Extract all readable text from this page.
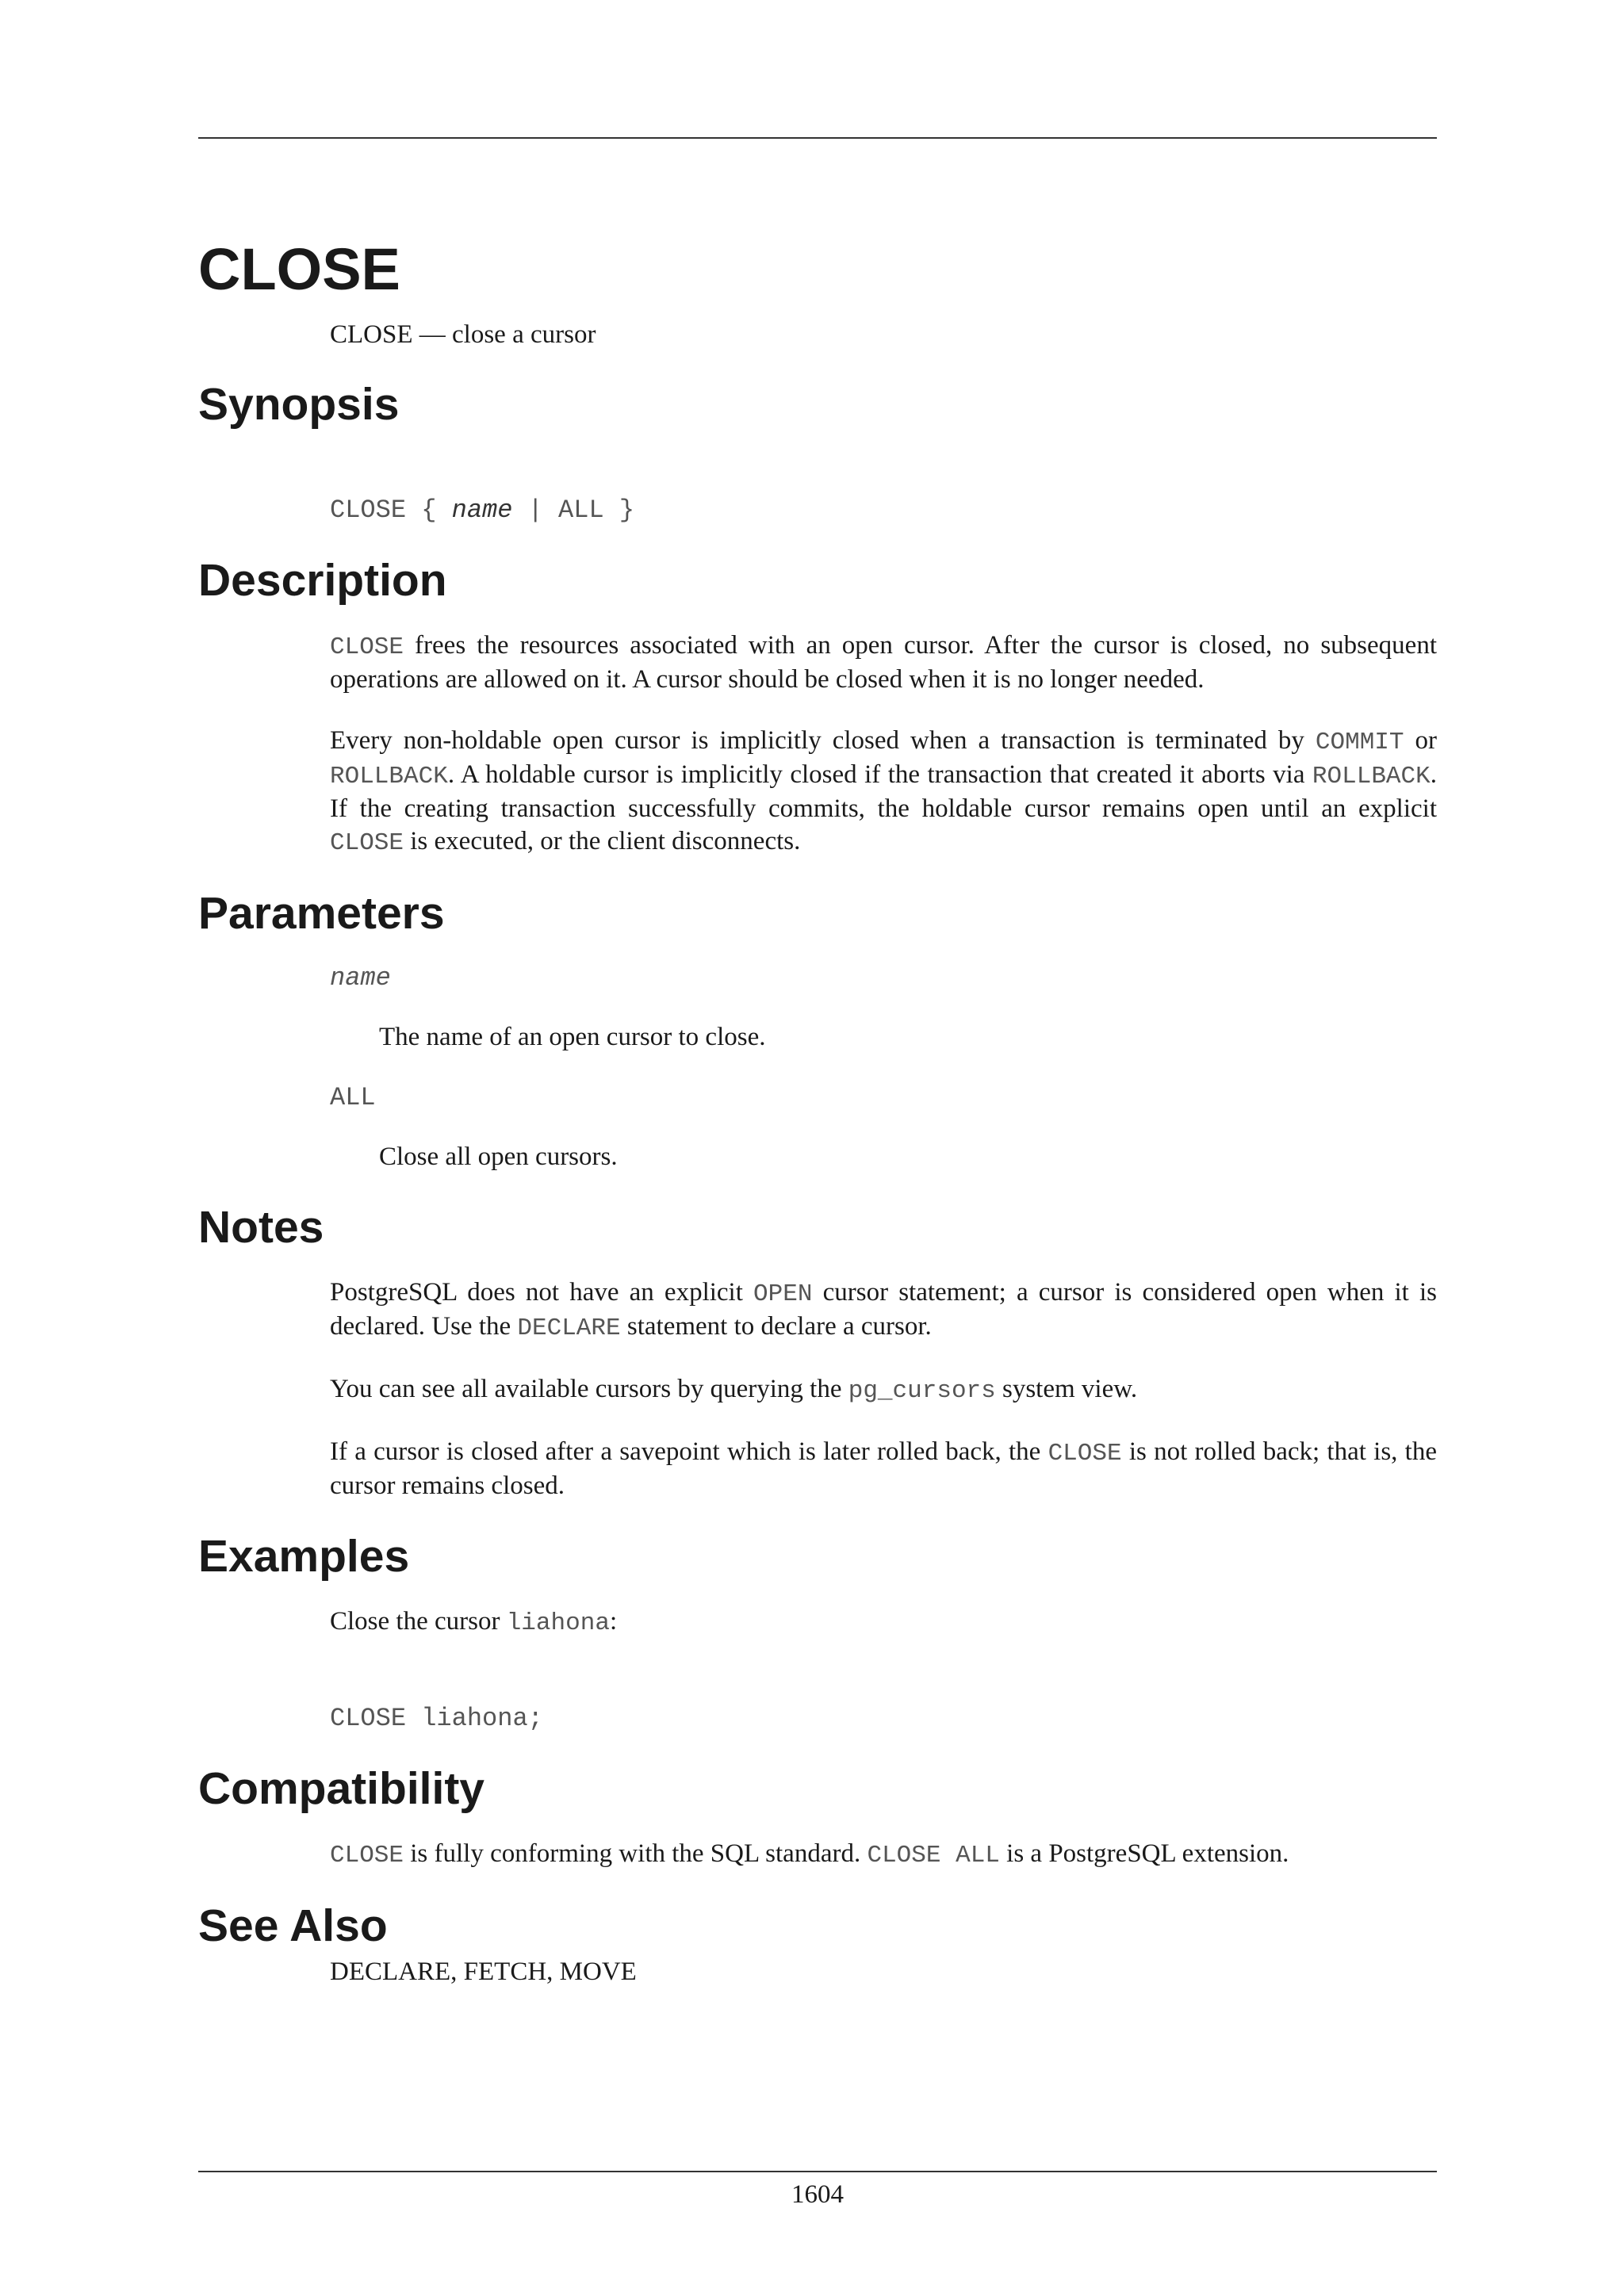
CLOSE
CLOSE — close a cursor
Synopsis
CLOSE { name | ALL }
Description

CLOSE frees the resources associated with an open cursor. After the cursor is closed, no subsequent operations are allowed on it. A cursor should be closed when it is no longer needed.

Every non-holdable open cursor is implicitly closed when a transaction is terminated by COMMIT or ROLLBACK. A holdable cursor is implicitly closed if the transaction that created it aborts via ROLLBACK. If the creating transaction successfully commits, the holdable cursor remains open until an explicit CLOSE is executed, or the client disconnects.

Parameters
name
The name of an open cursor to close.
ALL
Close all open cursors.
Notes

PostgreSQL does not have an explicit OPEN cursor statement; a cursor is considered open when it is declared. Use the DECLARE statement to declare a cursor.

You can see all available cursors by querying the pg_cursors system view.

If a cursor is closed after a savepoint which is later rolled back, the CLOSE is not rolled back; that is, the cursor remains closed.

Examples

Close the cursor liahona:

CLOSE liahona;
Compatibility

CLOSE is fully conforming with the SQL standard. CLOSE ALL is a PostgreSQL extension.

See Also
DECLARE, FETCH, MOVE
1604
